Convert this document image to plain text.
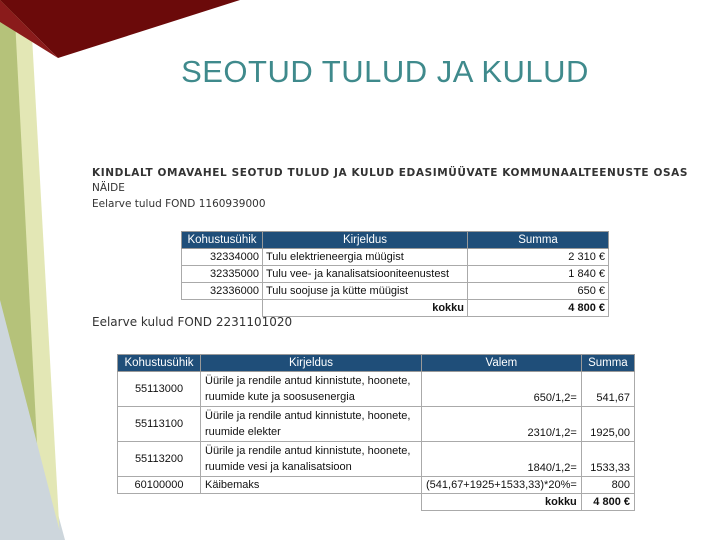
SEOTUD TULUD JA KULUD
KINDLALT OMAVAHEL SEOTUD TULUD JA KULUD EDASIMÜÜVATE KOMMUNAALTEENUSTE OSAS
NÄIDE
Eelarve tulud FOND 1160939000
Kohustusühik	Kirjeldus	Summa
32334000	Tulu elektrieneergia müügist	2 310 €
32335000	Tulu vee- ja kanalisatsiooniteenustest	1 840 €
32336000	Tulu soojuse ja kütte müügist	650 €
	kokku	4 800 €
Eelarve kulud FOND 2231101020
Kohustusühik	Kirjeldus	Valem	Summa
55113000	Üürile ja rendile antud kinnistute, hoonete, ruumide kute ja soosusenergia	650/1,2=	541,67
55113100	Üürile ja rendile antud kinnistute, hoonete, ruumide elekter	2310/1,2=	1925,00
55113200	Üürile ja rendile antud kinnistute, hoonete, ruumide vesi ja kanalisatsioon	1840/1,2=	1533,33
60100000	Käibemaks	(541,67+1925+1533,33)*20%=	800
		kokku	4 800 €
